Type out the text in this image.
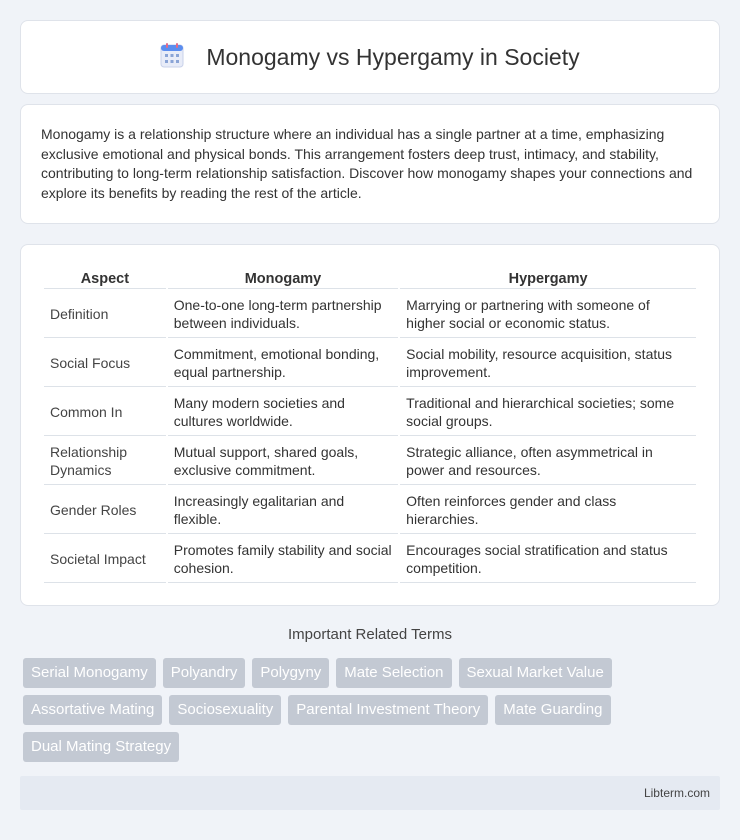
Monogamy vs Hypergamy in Society

Monogamy is a relationship structure where an individual has a single partner at a time, emphasizing exclusive emotional and physical bonds. This arrangement fosters deep trust, intimacy, and stability, contributing to long-term relationship satisfaction. Discover how monogamy shapes your connections and explore its benefits by reading the rest of the article.

Aspect	Monogamy	Hypergamy
Definition	One-to-one long-term partnership between individuals.	Marrying or partnering with someone of higher social or economic status.
Social Focus	Commitment, emotional bonding, equal partnership.	Social mobility, resource acquisition, status improvement.
Common In	Many modern societies and cultures worldwide.	Traditional and hierarchical societies; some social groups.
Relationship Dynamics	Mutual support, shared goals, exclusive commitment.	Strategic alliance, often asymmetrical in power and resources.
Gender Roles	Increasingly egalitarian and flexible.	Often reinforces gender and class hierarchies.
Societal Impact	Promotes family stability and social cohesion.	Encourages social stratification and status competition.
Important Related Terms
Serial Monogamy	Polyandry	Polygyny	Mate Selection	Sexual Market Value
Assortative Mating	Sociosexuality	Parental Investment Theory	Mate Guarding
Dual Mating Strategy
Libterm.com
